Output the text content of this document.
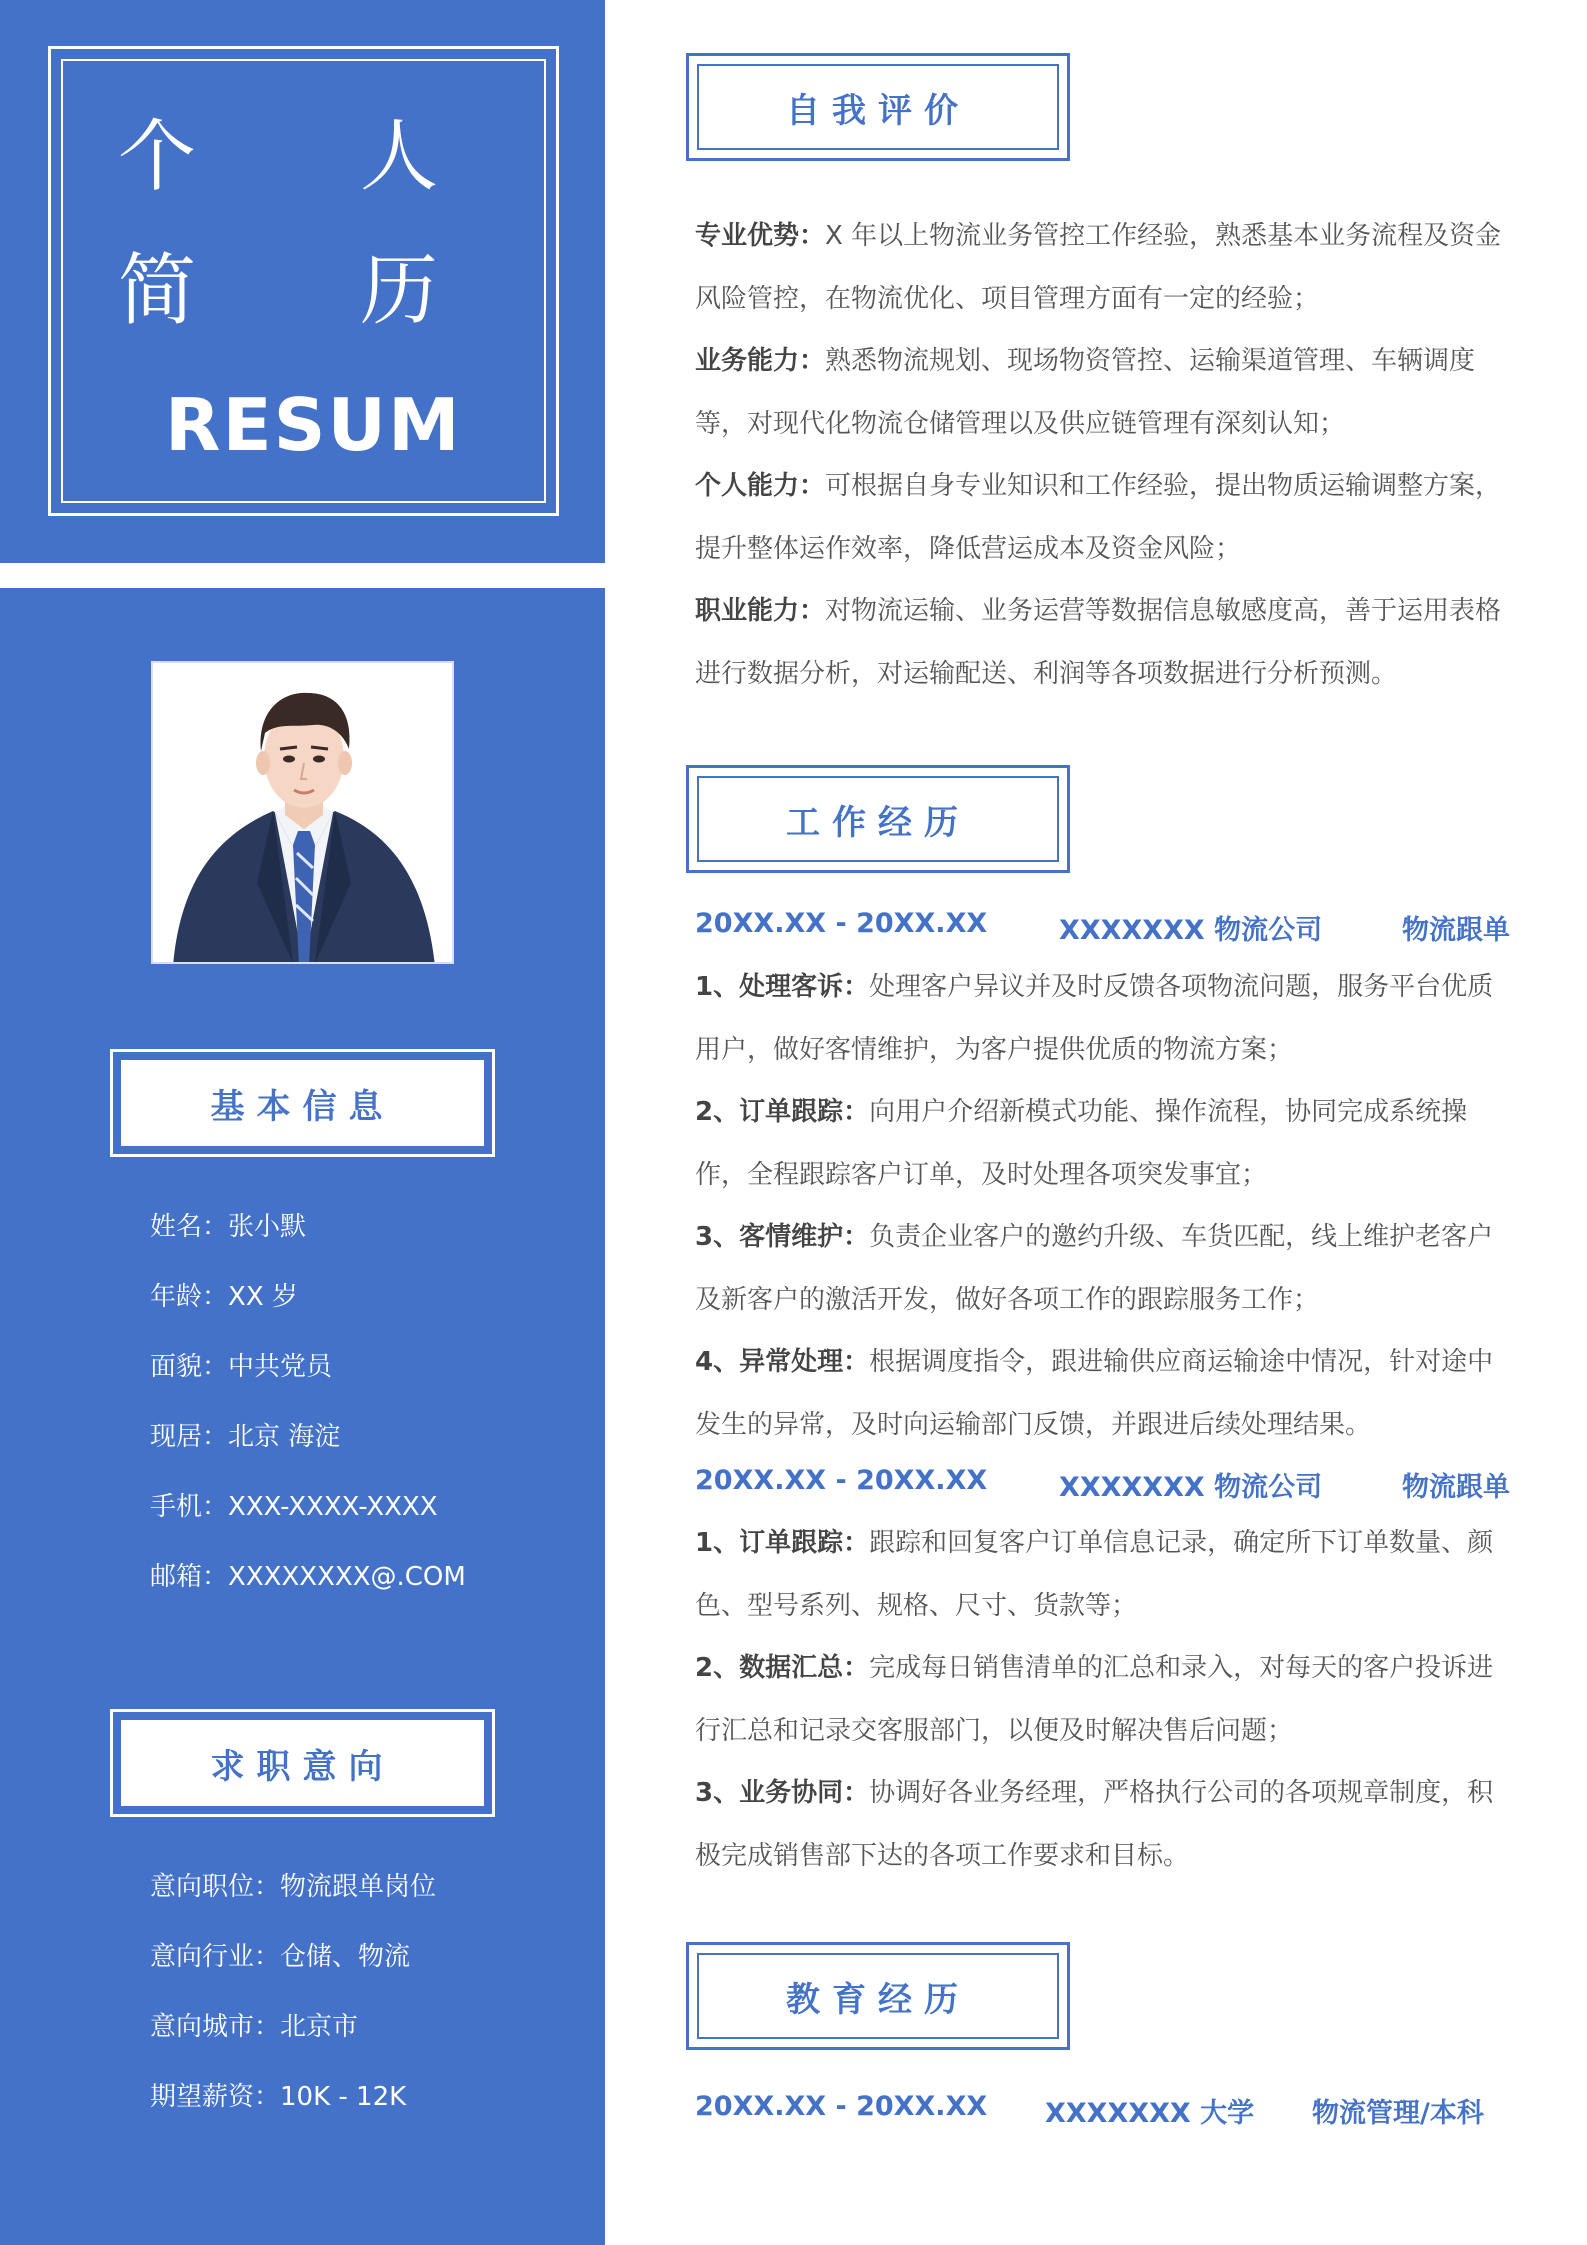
个 人
简 历
RESUM
基本信息
姓名：张小默
年龄：XX 岁
面貌：中共党员
现居：北京 海淀
手机：XXX-XXXX-XXXX
邮箱：XXXXXXXX@.COM
求职意向
意向职位：物流跟单岗位
意向行业：仓储、物流
意向城市：北京市
期望薪资：10K - 12K
自我评价
专业优势：X 年以上物流业务管控工作经验，熟悉基本业务流程及资金风险管控，在物流优化、项目管理方面有一定的经验；
业务能力：熟悉物流规划、现场物资管控、运输渠道管理、车辆调度等，对现代化物流仓储管理以及供应链管理有深刻认知；
个人能力：可根据自身专业知识和工作经验，提出物质运输调整方案，提升整体运作效率，降低营运成本及资金风险；
职业能力：对物流运输、业务运营等数据信息敏感度高，善于运用表格进行数据分析，对运输配送、利润等各项数据进行分析预测。
工作经历
20XX.XX - 20XX.XX	XXXXXXX 物流公司	物流跟单
1、处理客诉：处理客户异议并及时反馈各项物流问题，服务平台优质用户，做好客情维护，为客户提供优质的物流方案；
2、订单跟踪：向用户介绍新模式功能、操作流程，协同完成系统操作，全程跟踪客户订单，及时处理各项突发事宜；
3、客情维护：负责企业客户的邀约升级、车货匹配，线上维护老客户及新客户的激活开发，做好各项工作的跟踪服务工作；
4、异常处理：根据调度指令，跟进输供应商运输途中情况，针对途中发生的异常，及时向运输部门反馈，并跟进后续处理结果。
20XX.XX - 20XX.XX	XXXXXXX 物流公司	物流跟单
1、订单跟踪：跟踪和回复客户订单信息记录，确定所下订单数量、颜色、型号系列、规格、尺寸、货款等；
2、数据汇总：完成每日销售清单的汇总和录入，对每天的客户投诉进行汇总和记录交客服部门，以便及时解决售后问题；
3、业务协同：协调好各业务经理，严格执行公司的各项规章制度，积极完成销售部下达的各项工作要求和目标。
教育经历
20XX.XX - 20XX.XX XXXXXXX 大学 物流管理/本科
